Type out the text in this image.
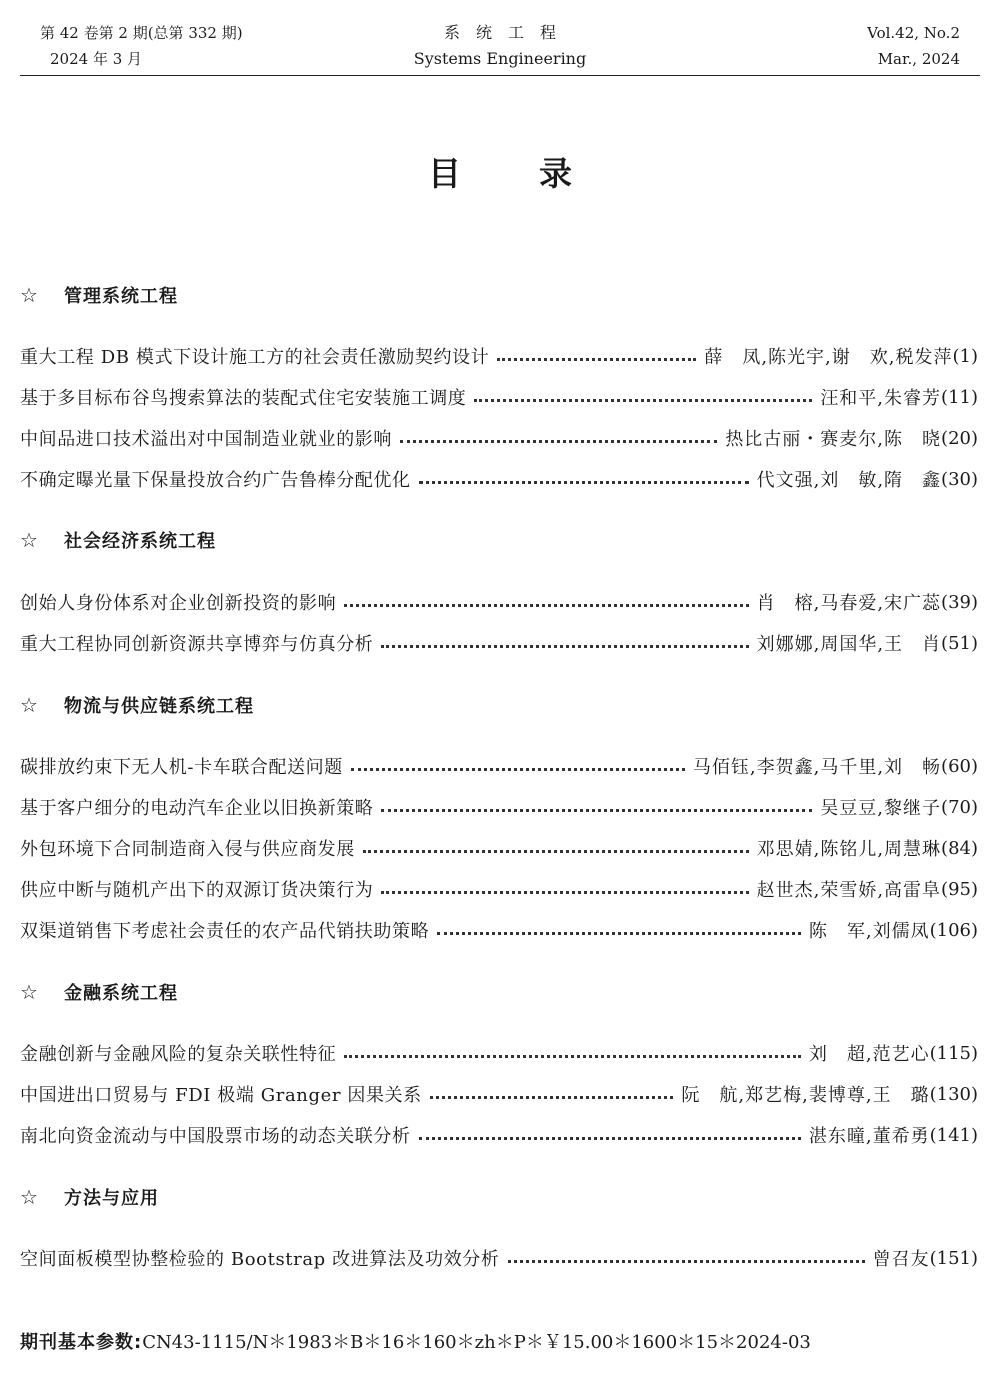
第 42 卷第 2 期(总第 332 期)
2024 年 3 月
系统工程
Systems Engineering
Vol.42, No.2
Mar., 2024
目录
☆ 管理系统工程
重大工程 DB 模式下设计施工方的社会责任激励契约设计	薛　凤,陈光宇,谢　欢,税发萍 (1)
基于多目标布谷鸟搜索算法的装配式住宅安装施工调度	汪和平,朱睿芳 (11)
中间品进口技术溢出对中国制造业就业的影响	热比古丽・赛麦尔,陈　晓 (20)
不确定曝光量下保量投放合约广告鲁棒分配优化	代文强,刘　敏,隋　鑫 (30)
☆ 社会经济系统工程
创始人身份体系对企业创新投资的影响	肖　榕,马春爱,宋广蕊 (39)
重大工程协同创新资源共享博弈与仿真分析	刘娜娜,周国华,王　肖 (51)
☆ 物流与供应链系统工程
碳排放约束下无人机-卡车联合配送问题	马佰钰,李贺鑫,马千里,刘　畅 (60)
基于客户细分的电动汽车企业以旧换新策略	吴豆豆,黎继子 (70)
外包环境下合同制造商入侵与供应商发展	邓思婧,陈铭儿,周慧琳 (84)
供应中断与随机产出下的双源订货决策行为	赵世杰,荣雪娇,高雷阜 (95)
双渠道销售下考虑社会责任的农产品代销扶助策略	陈　军,刘儒凤 (106)
☆ 金融系统工程
金融创新与金融风险的复杂关联性特征	刘　超,范艺心 (115)
中国进出口贸易与 FDI 极端 Granger 因果关系	阮　航,郑艺梅,裴博尊,王　璐 (130)
南北向资金流动与中国股票市场的动态关联分析	湛东曈,董希勇 (141)
☆ 方法与应用
空间面板模型协整检验的 Bootstrap 改进算法及功效分析	曾召友 (151)
期刊基本参数:CN43-1115/N＊1983＊B＊16＊160＊zh＊P＊￥15.00＊1600＊15＊2024-03
